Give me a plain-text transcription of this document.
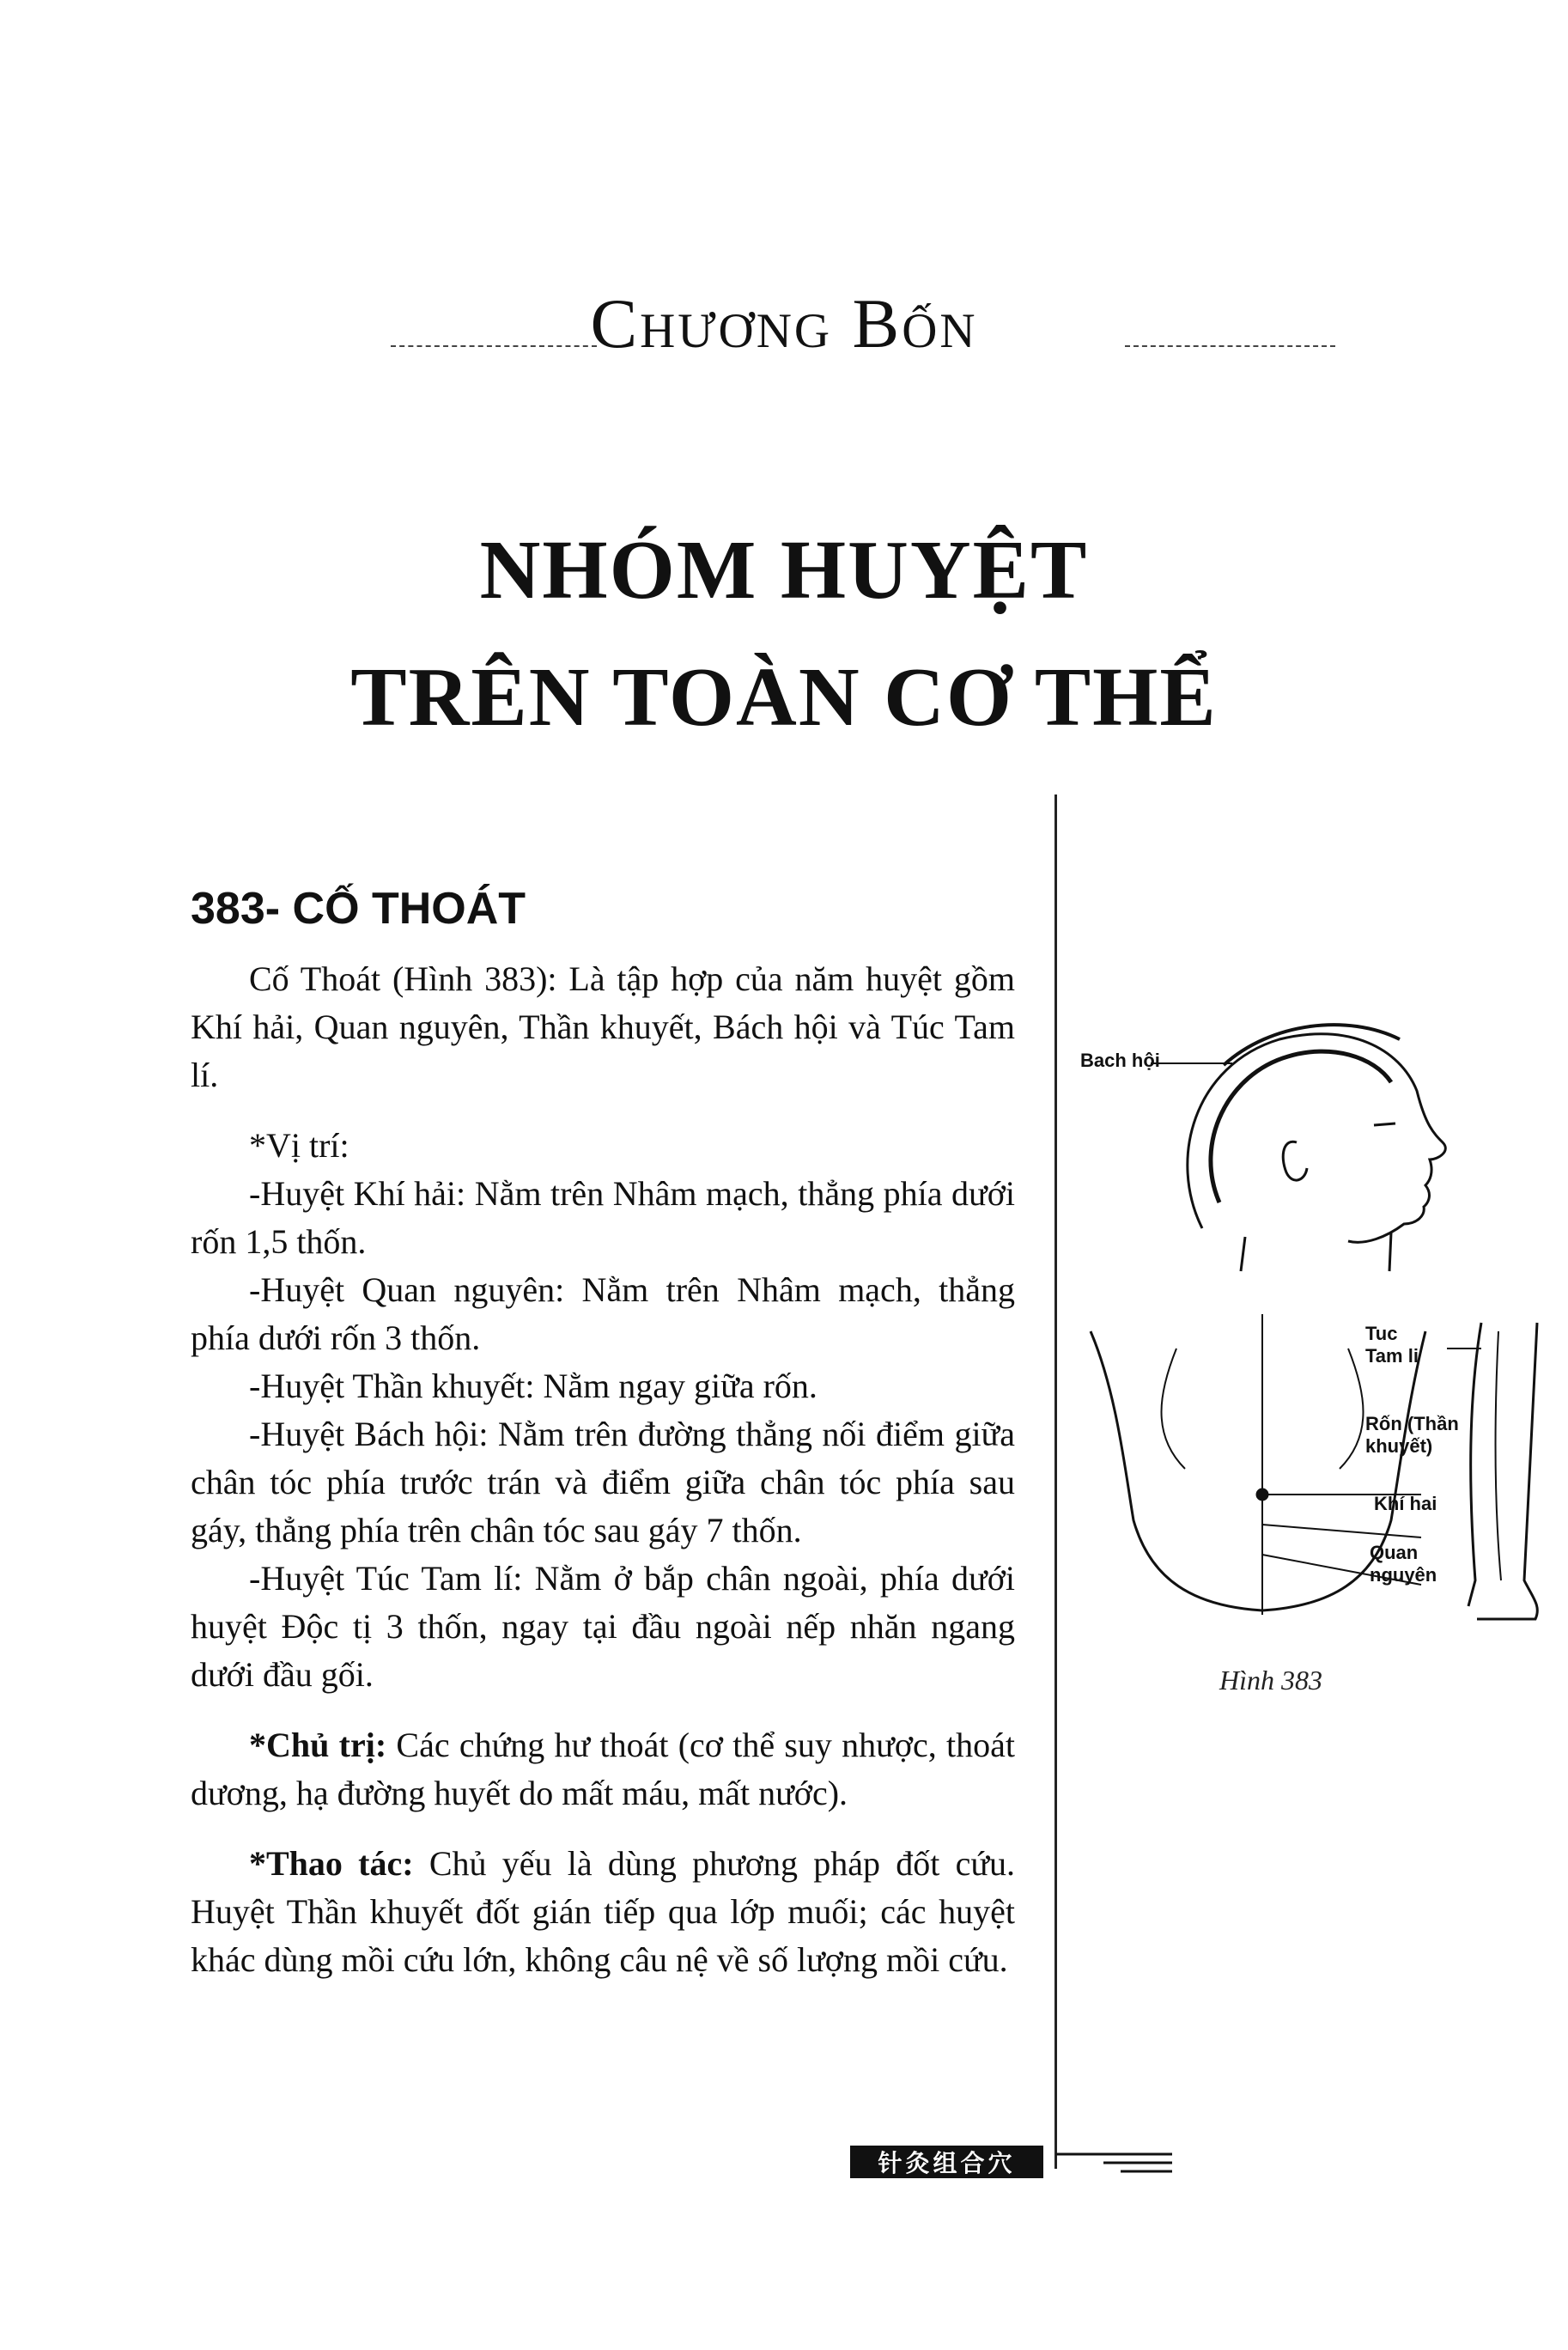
Chương Bốn
NHÓM HUYỆT
TRÊN TOÀN CƠ THỂ
383- CỐ THOÁT

Cố Thoát (Hình 383): Là tập hợp của năm huyệt gồm Khí hải, Quan nguyên, Thần khuyết, Bách hội và Túc Tam lí.

*Vị trí:

-Huyệt Khí hải: Nằm trên Nhâm mạch, thẳng phía dưới rốn 1,5 thốn.

-Huyệt Quan nguyên: Nằm trên Nhâm mạch, thẳng phía dưới rốn 3 thốn.

-Huyệt Thần khuyết: Nằm ngay giữa rốn.

-Huyệt Bách hội: Nằm trên đường thẳng nối điểm giữa chân tóc phía trước trán và điểm giữa chân tóc phía sau gáy, thẳng phía trên chân tóc sau gáy 7 thốn.

-Huyệt Túc Tam lí: Nằm ở bắp chân ngoài, phía dưới huyệt Độc tị 3 thốn, ngay tại đầu ngoài nếp nhăn ngang dưới đầu gối.

*Chủ trị: Các chứng hư thoát (cơ thể suy nhược, thoát dương, hạ đường huyết do mất máu, mất nước).

*Thao tác: Chủ yếu là dùng phương pháp đốt cứu. Huyệt Thần khuyết đốt gián tiếp qua lớp muối; các huyệt khác dùng mồi cứu lớn, không câu nệ về số lượng mồi cứu.

Bach hội
Tuc
Tam li
Rốn (Thần
khuyết)
Khí hai
Quan
nguyên
Hình 383
针灸组合穴
